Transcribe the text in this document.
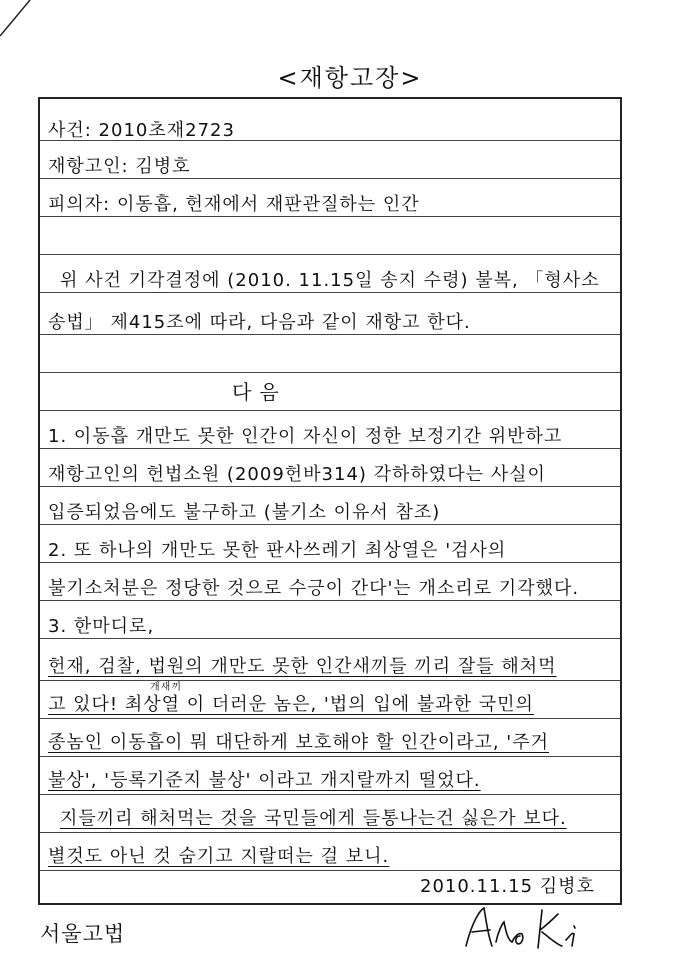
<재항고장>
사건: 2010초재2723
재항고인: 김병호
피의자: 이동흡, 헌재에서 재판관질하는 인간
위 사건 기각결정에 (2010. 11.15일 송지 수령) 불복, 「형사소
송법」 제415조에 따라, 다음과 같이 재항고 한다.
다음
1. 이동흡 개만도 못한 인간이 자신이 정한 보정기간 위반하고
재항고인의 헌법소원 (2009헌바314) 각하하였다는 사실이
입증되었음에도 불구하고 (불기소 이유서 참조)
2. 또 하나의 개만도 못한 판사쓰레기 최상열은 '검사의
불기소처분은 정당한 것으로 수긍이 간다'는 개소리로 기각했다.
3. 한마디로,
헌재, 검찰, 법원의 개만도 못한 인간새끼들 끼리 잘들 해처먹
고 있다! 최상열 이 더러운 놈은, '법의 입에 불과한 국민의
개새끼
종놈인 이동흡이 뭐 대단하게 보호해야 할 인간이라고, '주거
불상', '등록기준지 불상' 이라고 개지랄까지 떨었다.
지들끼리 해처먹는 것을 국민들에게 들통나는건 싫은가 보다.
별것도 아닌 것 숨기고 지랄떠는 걸 보니.
2010.11.15 김병호
서울고법
